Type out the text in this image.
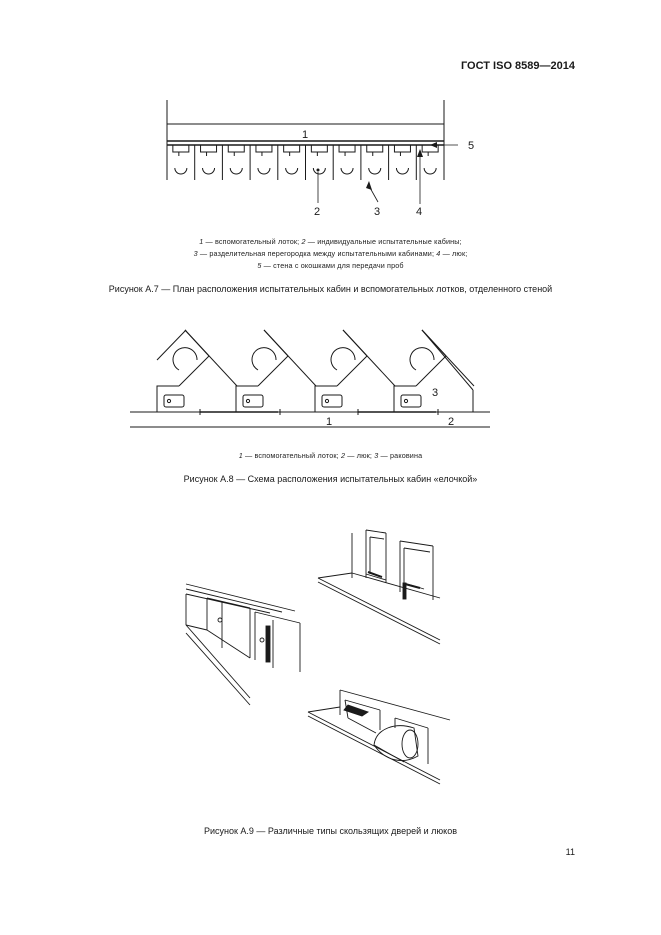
ГОСТ ISO 8589—2014
1
2	3	4
5
1 — вспомогательный лоток; 2 — индивидуальные испытательные кабины;
3 — разделительная перегородка между испытательными кабинами; 4 — люк;
5 — стена с окошками для передачи проб
Рисунок А.7 — План расположения испытательных кабин и вспомогательных лотков, отделенного стеной
1	2
3
1 — вспомогательный лоток; 2 — люк; 3 — раковина
Рисунок А.8 — Схема расположения испытательных кабин «елочкой»
Рисунок А.9 — Различные типы скользящих дверей и люков
11
